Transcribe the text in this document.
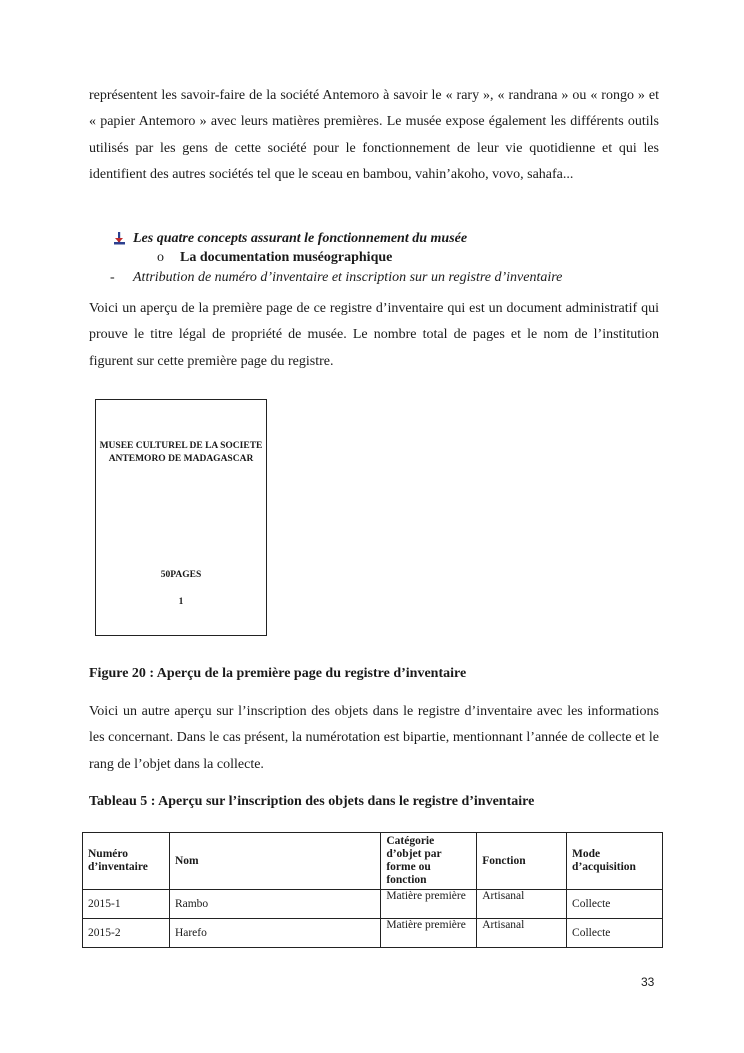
représentent les savoir-faire de la société Antemoro à savoir le « rary », « randrana » ou « rongo » et « papier Antemoro » avec leurs matières premières. Le musée expose également les différents outils utilisés par les gens de cette société pour le fonctionnement de leur vie quotidienne et qui les identifient des autres sociétés tel que le sceau en bambou, vahin’akoho, vovo, sahafa...

Les quatre concepts assurant le fonctionnement du musée

o La documentation muséographique

- Attribution de numéro d’inventaire et inscription sur un registre d’inventaire

Voici un aperçu de la première page de ce registre d’inventaire qui est un document administratif qui prouve le titre légal de propriété de musée. Le nombre total de pages et le nom de l’institution figurent sur cette première page du registre.

MUSEE CULTUREL DE LA SOCIETE ANTEMORO DE MADAGASCAR
50PAGES
1

Figure 20 : Aperçu de la première page du registre d’inventaire

Voici un autre aperçu sur l’inscription des objets dans le registre d’inventaire avec les informations les concernant. Dans le cas présent, la numérotation est bipartie, mentionnant l’année de collecte et le rang de l’objet dans la collecte.

Tableau 5 : Aperçu sur l’inscription des objets dans le registre d’inventaire

Numéro d’inventaire	Nom	Catégorie d’objet par forme ou fonction	Fonction	Mode d’acquisition
2015-1	Rambo	Matière première	Artisanal	Collecte
2015-2	Harefo	Matière première	Artisanal	Collecte
33
